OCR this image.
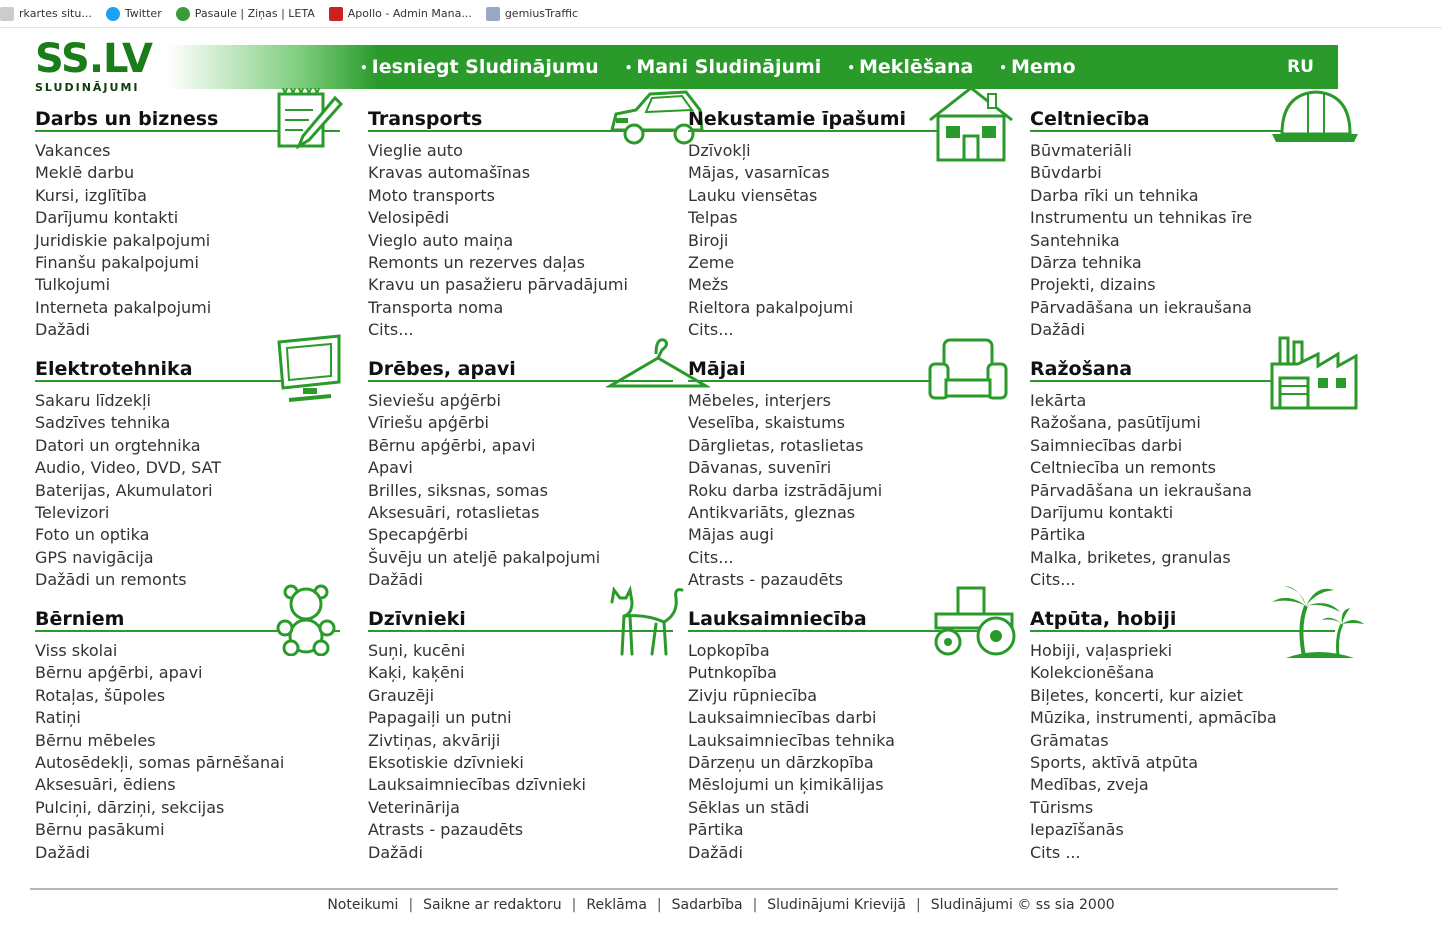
rkartes situ...	Twitter	Pasaule | Ziņas | LETA	Apollo - Admin Mana...	gemiusTraffic
SS.LV
SLUDINĀJUMI
• Iesniegt Sludinājumu • Mani Sludinājumi • Meklēšana • Memo	RU
Darbs un bizness
Vakances
Meklē darbu
Kursi, izglītība
Darījumu kontakti
Juridiskie pakalpojumi
Finanšu pakalpojumi
Tulkojumi
Interneta pakalpojumi
Dažādi
Transports
Vieglie auto
Kravas automašīnas
Moto transports
Velosipēdi
Vieglo auto maiņa
Remonts un rezerves daļas
Kravu un pasažieru pārvadājumi
Transporta noma
Cits...
Nekustamie īpašumi
Dzīvokļi
Mājas, vasarnīcas
Lauku viensētas
Telpas
Biroji
Zeme
Mežs
Rieltora pakalpojumi
Cits...
Celtniecība
Būvmateriāli
Būvdarbi
Darba rīki un tehnika
Instrumentu un tehnikas īre
Santehnika
Dārza tehnika
Projekti, dizains
Pārvadāšana un iekraušana
Dažādi
Elektrotehnika
Sakaru līdzekļi
Sadzīves tehnika
Datori un orgtehnika
Audio, Video, DVD, SAT
Baterijas, Akumulatori
Televizori
Foto un optika
GPS navigācija
Dažādi un remonts
Drēbes, apavi
Sieviešu apģērbi
Vīriešu apģērbi
Bērnu apģērbi, apavi
Apavi
Brilles, siksnas, somas
Aksesuāri, rotaslietas
Specapģērbi
Šuvēju un ateljē pakalpojumi
Dažādi
Mājai
Mēbeles, interjers
Veselība, skaistums
Dārglietas, rotaslietas
Dāvanas, suvenīri
Roku darba izstrādājumi
Antikvariāts, gleznas
Mājas augi
Cits...
Atrasts - pazaudēts
Ražošana
Iekārta
Ražošana, pasūtījumi
Saimniecības darbi
Celtniecība un remonts
Pārvadāšana un iekraušana
Darījumu kontakti
Pārtika
Malka, briketes, granulas
Cits...
Bērniem
Viss skolai
Bērnu apģērbi, apavi
Rotaļas, šūpoles
Ratiņi
Bērnu mēbeles
Autosēdekļi, somas pārnēšanai
Aksesuāri, ēdiens
Pulciņi, dārziņi, sekcijas
Bērnu pasākumi
Dažādi
Dzīvnieki
Suņi, kucēni
Kaķi, kaķēni
Grauzēji
Papagaiļi un putni
Zivtiņas, akvāriji
Eksotiskie dzīvnieki
Lauksaimniecības dzīvnieki
Veterinārija
Atrasts - pazaudēts
Dažādi
Lauksaimniecība
Lopkopība
Putnkopība
Zivju rūpniecība
Lauksaimniecības darbi
Lauksaimniecības tehnika
Dārzeņu un dārzkopība
Mēslojumi un ķimikālijas
Sēklas un stādi
Pārtika
Dažādi
Atpūta, hobiji
Hobiji, vaļasprieki
Kolekcionēšana
Biļetes, koncerti, kur aiziet
Mūzika, instrumenti, apmācība
Grāmatas
Sports, aktīvā atpūta
Medības, zveja
Tūrisms
Iepazīšanās
Cits ...
Noteikumi | Saikne ar redaktoru | Reklāma | Sadarbība | Sludinājumi Krievijā | Sludinājumi © ss sia 2000
